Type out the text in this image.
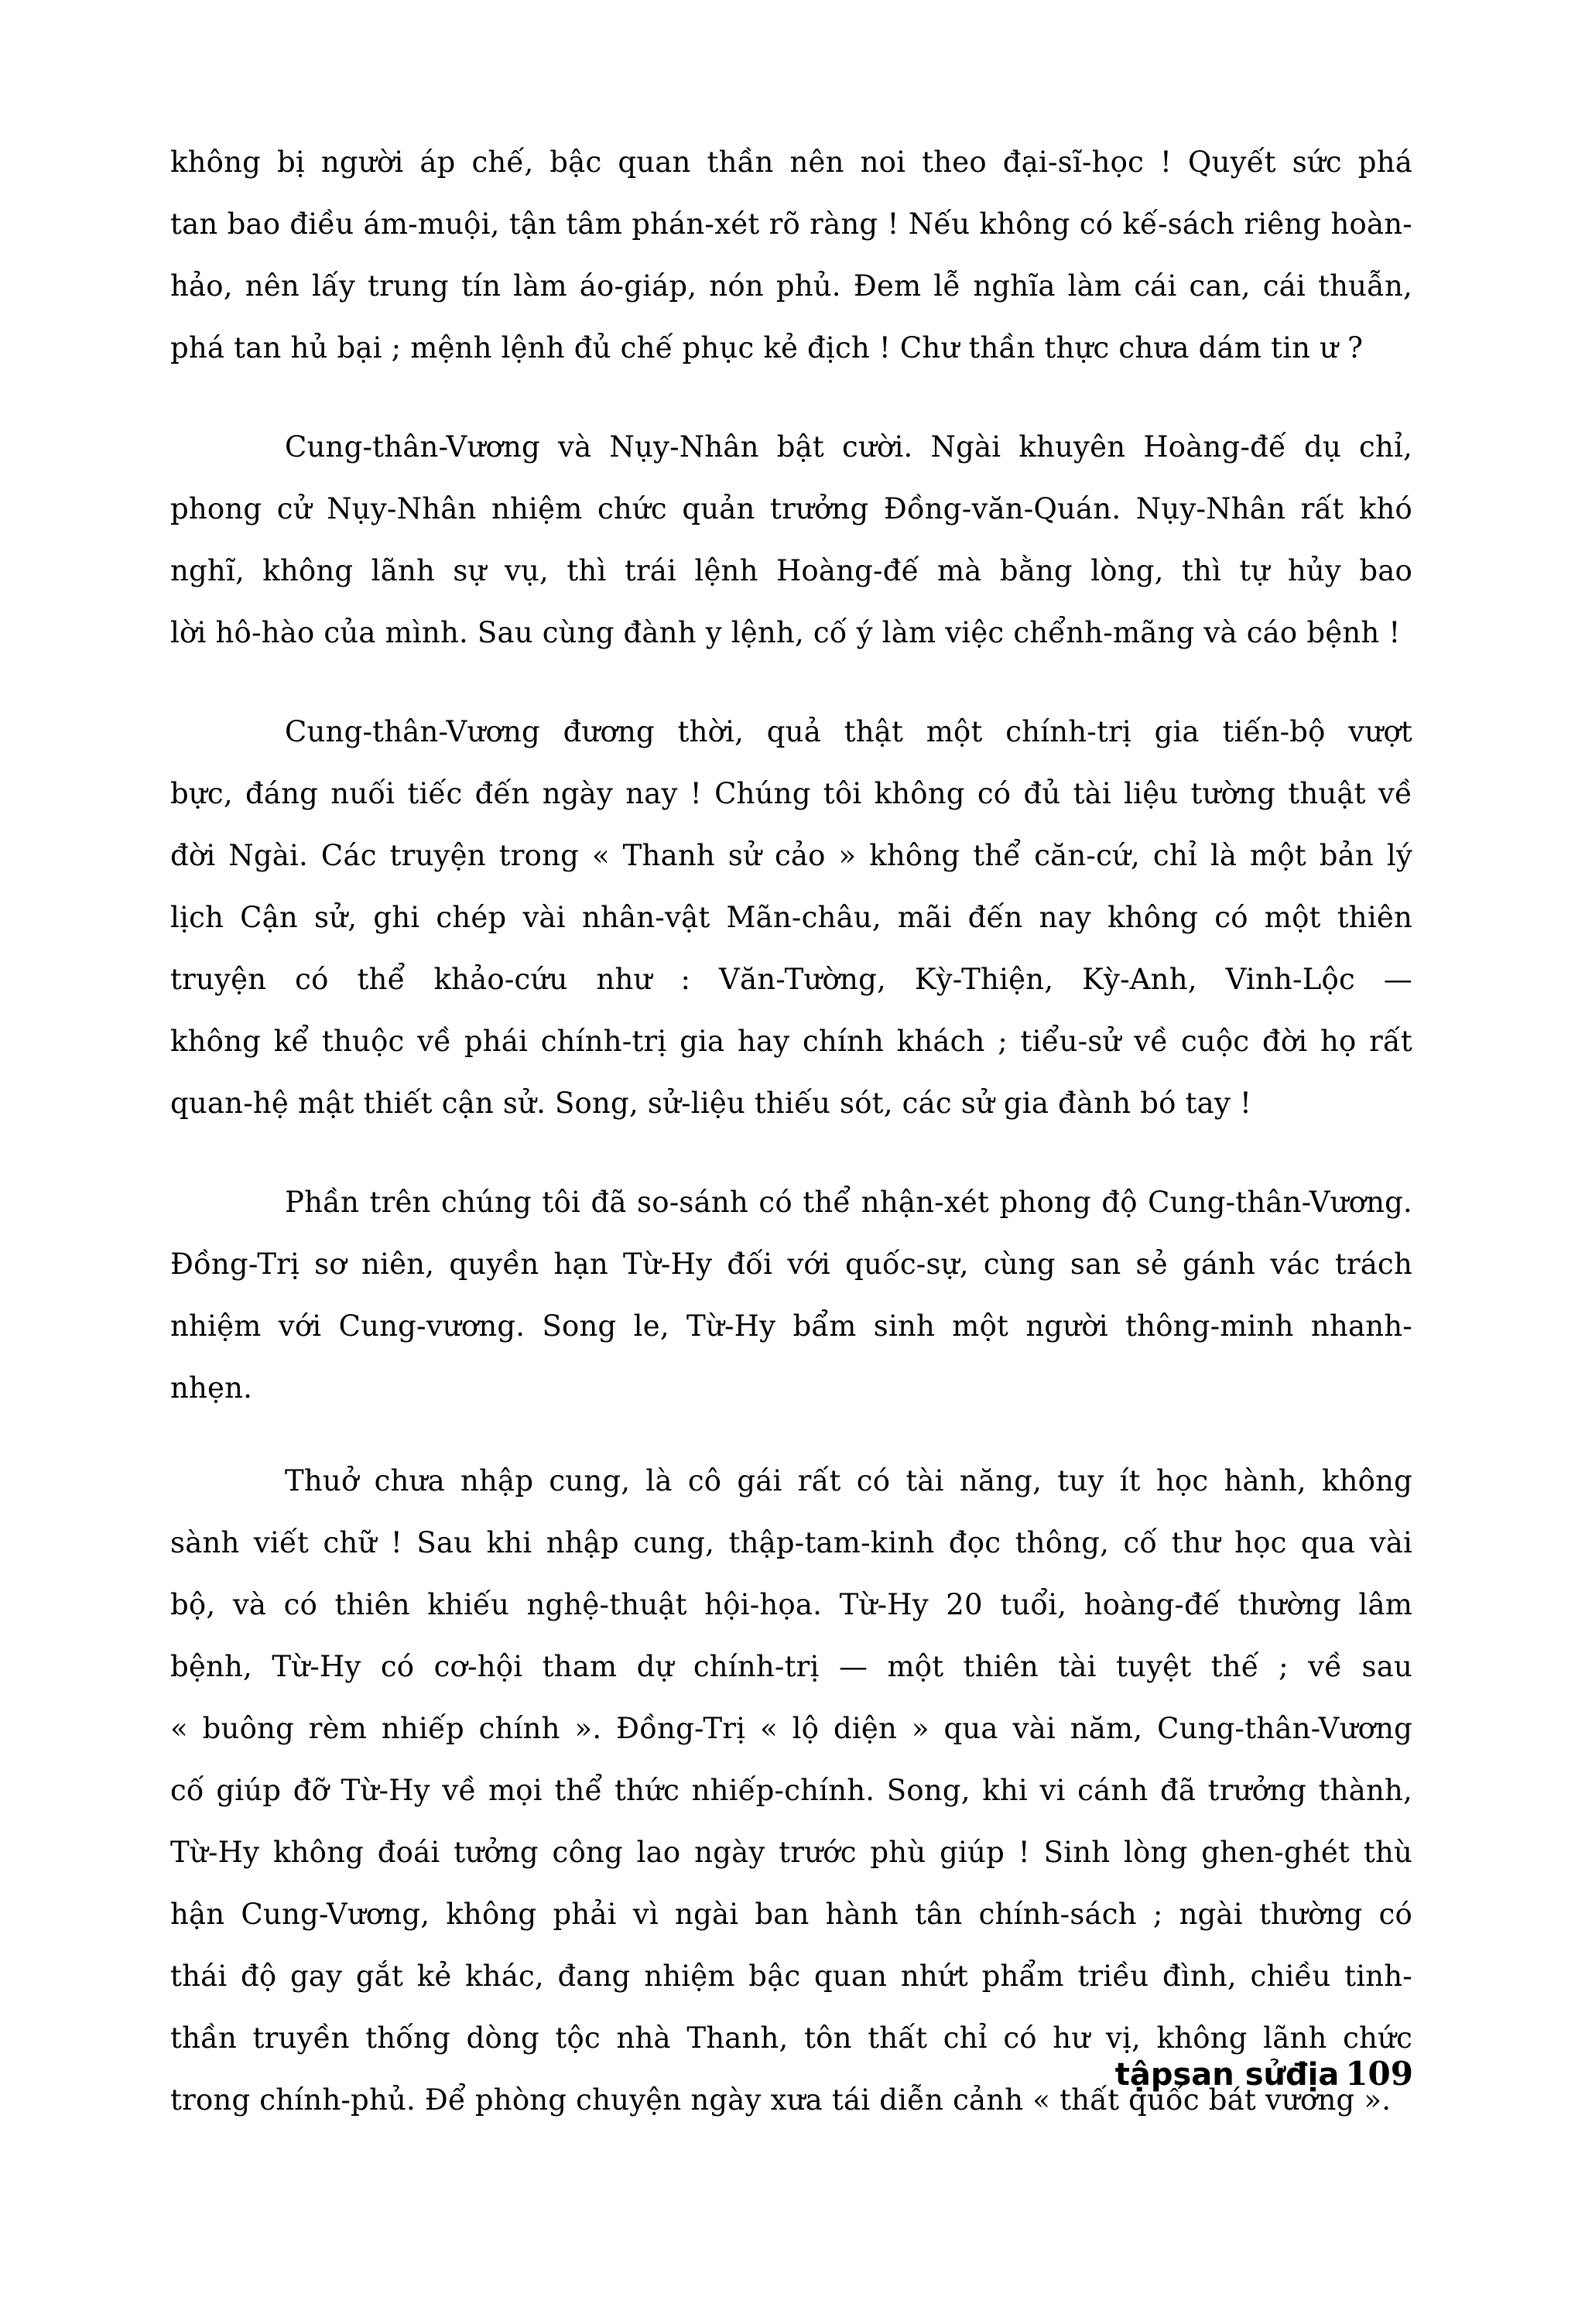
không bị người áp chế, bậc quan thần nên noi theo đại-sĩ-học ! Quyết sức phá
tan bao điều ám-muội, tận tâm phán-xét rõ ràng ! Nếu không có kế-sách riêng hoàn-
hảo, nên lấy trung tín làm áo-giáp, nón phủ. Đem lễ nghĩa làm cái can, cái thuẫn,
phá tan hủ bại ; mệnh lệnh đủ chế phục kẻ địch ! Chư thần thực chưa dám tin ư ?
Cung-thân-Vương và Nụy-Nhân bật cười. Ngài khuyên Hoàng-đế dụ chỉ,
phong cử Nụy-Nhân nhiệm chức quản trưởng Đồng-văn-Quán. Nụy-Nhân rất khó
nghĩ, không lãnh sự vụ, thì trái lệnh Hoàng-đế mà bằng lòng, thì tự hủy bao
lời hô-hào của mình. Sau cùng đành y lệnh, cố ý làm việc chểnh-mãng và cáo bệnh !
Cung-thân-Vương đương thời, quả thật một chính-trị gia tiến-bộ vượt
bực, đáng nuối tiếc đến ngày nay ! Chúng tôi không có đủ tài liệu tường thuật về
đời Ngài. Các truyện trong « Thanh sử cảo » không thể căn-cứ, chỉ là một bản lý
lịch Cận sử, ghi chép vài nhân-vật Mãn-châu, mãi đến nay không có một thiên
truyện có thể khảo-cứu như : Văn-Tường, Kỳ-Thiện, Kỳ-Anh, Vinh-Lộc —
không kể thuộc về phái chính-trị gia hay chính khách ; tiểu-sử về cuộc đời họ rất
quan-hệ mật thiết cận sử. Song, sử-liệu thiếu sót, các sử gia đành bó tay !
Phần trên chúng tôi đã so-sánh có thể nhận-xét phong độ Cung-thân-Vương.
Đồng-Trị sơ niên, quyền hạn Từ-Hy đối với quốc-sự, cùng san sẻ gánh vác trách
nhiệm với Cung-vương. Song le, Từ-Hy bẩm sinh một người thông-minh nhanh-
nhẹn.
Thuở chưa nhập cung, là cô gái rất có tài năng, tuy ít học hành, không
sành viết chữ ! Sau khi nhập cung, thập-tam-kinh đọc thông, cố thư học qua vài
bộ, và có thiên khiếu nghệ-thuật hội-họa. Từ-Hy 20 tuổi, hoàng-đế thường lâm
bệnh, Từ-Hy có cơ-hội tham dự chính-trị — một thiên tài tuyệt thế ; về sau
« buông rèm nhiếp chính ». Đồng-Trị « lộ diện » qua vài năm, Cung-thân-Vương
cố giúp đỡ Từ-Hy về mọi thể thức nhiếp-chính. Song, khi vi cánh đã trưởng thành,
Từ-Hy không đoái tưởng công lao ngày trước phù giúp ! Sinh lòng ghen-ghét thù
hận Cung-Vương, không phải vì ngài ban hành tân chính-sách ; ngài thường có
thái độ gay gắt kẻ khác, đang nhiệm bậc quan nhứt phẩm triều đình, chiều tinh-
thần truyền thống dòng tộc nhà Thanh, tôn thất chỉ có hư vị, không lãnh chức
trong chính-phủ. Để phòng chuyện ngày xưa tái diễn cảnh « thất quốc bát vương ».
tậpsan sửđịa 109
